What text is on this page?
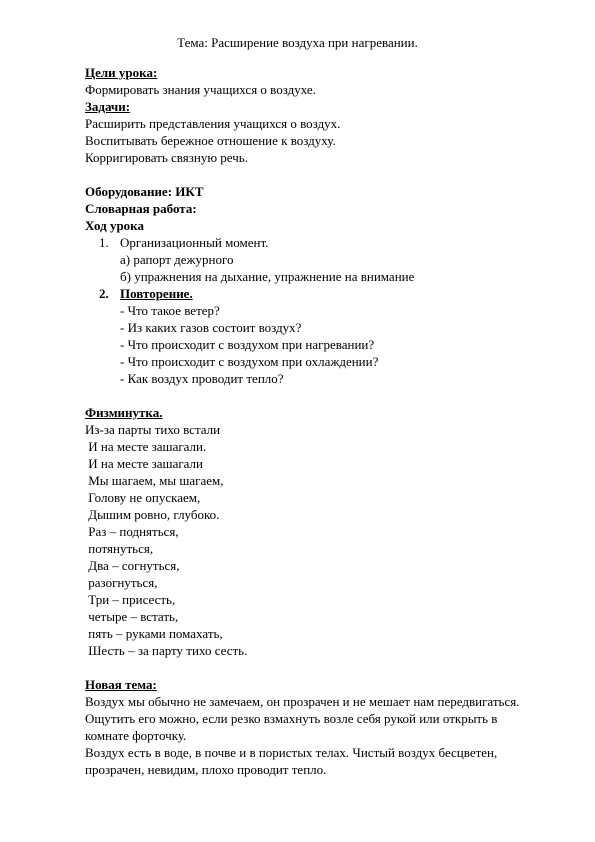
Тема: Расширение воздуха при нагревании.
Цели урока:
Формировать знания учащихся о воздухе.
Задачи:
Расширить представления учащихся о воздух.
Воспитывать бережное отношение к воздуху.
Корригировать связную речь.
Оборудование: ИКТ
Словарная работа:
Ход урока
1. Организационный момент.
а) рапорт дежурного
б) упражнения на дыхание, упражнение на внимание
2. Повторение.
- Что такое ветер?
- Из каких газов состоит воздух?
- Что происходит с воздухом при нагревании?
- Что происходит с воздухом при охлаждении?
- Как воздух проводит тепло?
Физминутка.
Из-за парты тихо встали
И на месте зашагали.
И на месте зашагали
Мы шагаем, мы шагаем,
Голову не опускаем,
Дышим ровно, глубоко.
Раз – подняться,
потянуться,
Два – согнуться,
разогнуться,
Три – присесть,
четыре – встать,
пять – руками помахать,
Шесть – за парту тихо сесть.
Новая тема:
Воздух мы обычно не замечаем, он прозрачен и не мешает нам передвигаться.
Ощутить его можно, если резко взмахнуть возле себя рукой или открыть в
комнате форточку.
Воздух есть в воде, в почве и в пористых телах. Чистый воздух бесцветен,
прозрачен, невидим, плохо проводит тепло.
